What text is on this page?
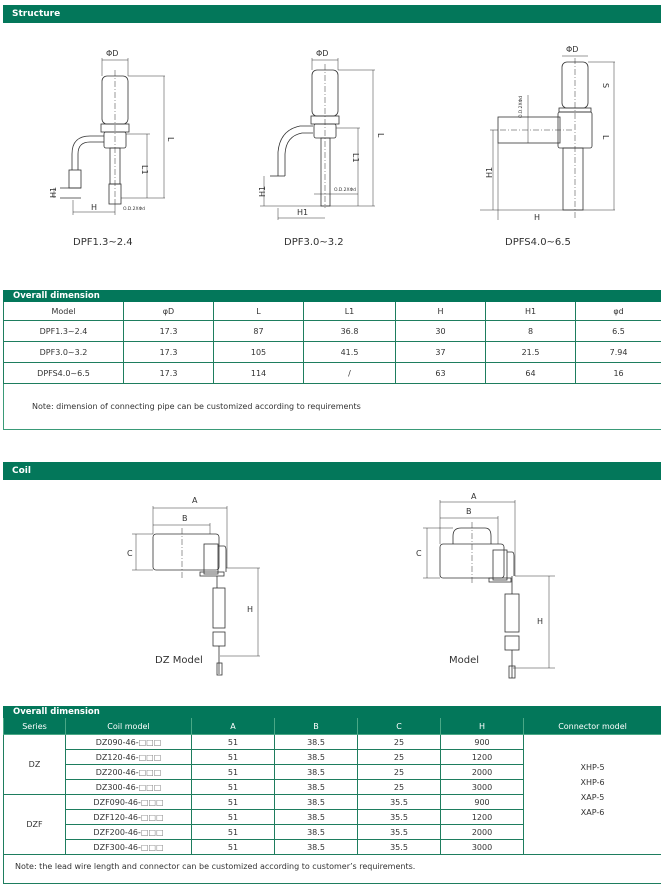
Structure
ΦD
L
L1
H1
H	O.D.2XΦd
DPF1.3~2.4
ΦD
L
L1
O.D.2XΦd
H1
H1
DPF3.0~3.2
ΦD
S
L
H1
O.D.2XΦd
H
DPFS4.0~6.5
Overall dimension						
Model	φD	L	L1	H	H1	φd
DPF1.3~2.4	17.3	87	36.8	30	8	6.5
DPF3.0~3.2	17.3	105	41.5	37	21.5	7.94
DPFS4.0~6.5	17.3	114	/	63	64	16
Note: dimension of connecting pipe can be customized according to requirements						
Coil
A
B
C
H
DZ Model
A
B
C
H
Model
Overall dimension						
Series	Coil model	A	B	C	H	Connector model
DZ	DZ090-46-□□□	51	38.5	25	900	XHP-5
XHP-6
XAP-5
XAP-6

	DZ120-46-□□□	51	38.5	25	1200	
	DZ200-46-□□□	51	38.5	25	2000	
	DZ300-46-□□□	51	38.5	25	3000	
DZF	DZF090-46-□□□	51	38.5	35.5	900	
	DZF120-46-□□□	51	38.5	35.5	1200	
	DZF200-46-□□□	51	38.5	35.5	2000	
	DZF300-46-□□□	51	38.5	35.5	3000	
Note: the lead wire length and connector can be customized according to customer’s requirements.						
